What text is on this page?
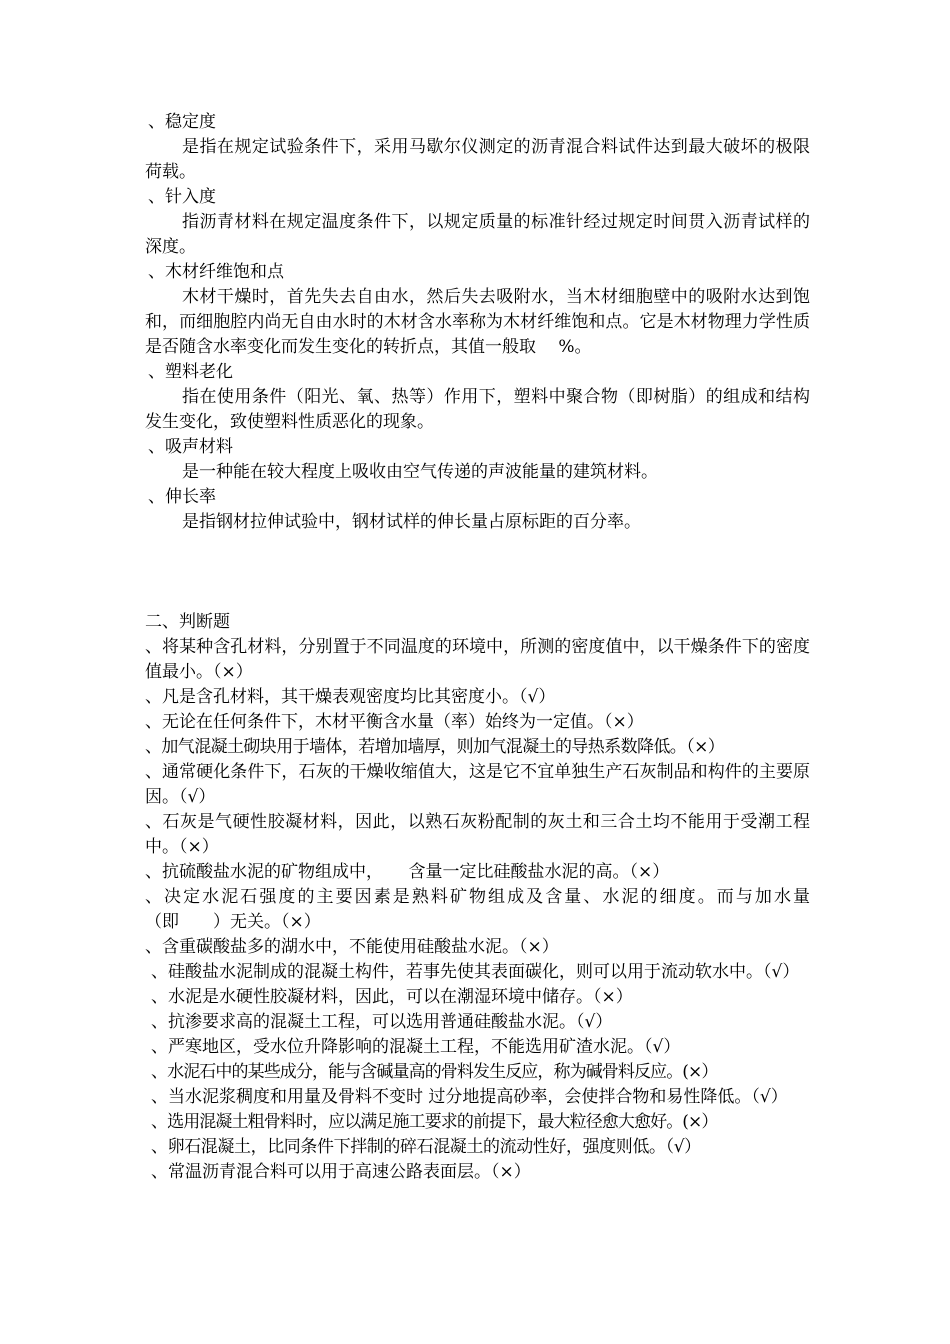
、稳定度
是指在规定试验条件下，采用马歇尔仪测定的沥青混合料试件达到最大破坏的极限荷载。
、针入度
指沥青材料在规定温度条件下，以规定质量的标准针经过规定时间贯入沥青试样的深度。
、木材纤维饱和点
木材干燥时，首先失去自由水，然后失去吸附水，当木材细胞壁中的吸附水达到饱和，而细胞腔内尚无自由水时的木材含水率称为木材纤维饱和点。它是木材物理力学性质是否随含水率变化而发生变化的转折点，其值一般取　 %。
、塑料老化
指在使用条件（阳光、氧、热等）作用下，塑料中聚合物（即树脂）的组成和结构发生变化，致使塑料性质恶化的现象。
、吸声材料
是一种能在较大程度上吸收由空气传递的声波能量的建筑材料。
、伸长率
是指钢材拉伸试验中，钢材试样的伸长量占原标距的百分率。
二、判断题
、将某种含孔材料，分别置于不同温度的环境中，所测的密度值中，以干燥条件下的密度值最小。（×）
、凡是含孔材料，其干燥表观密度均比其密度小。（√）
、无论在任何条件下，木材平衡含水量（率）始终为一定值。（×）
、加气混凝土砌块用于墙体，若增加墙厚，则加气混凝土的导热系数降低。（×）
、通常硬化条件下，石灰的干燥收缩值大，这是它不宜单独生产石灰制品和构件的主要原因。（√）
、石灰是气硬性胶凝材料，因此，以熟石灰粉配制的灰土和三合土均不能用于受潮工程中。（×）
、抗硫酸盐水泥的矿物组成中，　　含量一定比硅酸盐水泥的高。（×）
、决定水泥石强度的主要因素是熟料矿物组成及含量、水泥的细度。而与加水量（即　　）无关。（×）
、含重碳酸盐多的湖水中，不能使用硅酸盐水泥。（×）
、硅酸盐水泥制成的混凝土构件，若事先使其表面碳化，则可以用于流动软水中。（√）
、水泥是水硬性胶凝材料，因此，可以在潮湿环境中储存。（×）
、抗渗要求高的混凝土工程，可以选用普通硅酸盐水泥。（√）
、严寒地区，受水位升降影响的混凝土工程，不能选用矿渣水泥。（√）
、水泥石中的某些成分，能与含碱量高的骨料发生反应，称为碱骨料反应。(×）
、当水泥浆稠度和用量及骨料不变时 过分地提高砂率，会使拌合物和易性降低。（√）
、选用混凝土粗骨料时，应以满足施工要求的前提下，最大粒径愈大愈好。(×）
、卵石混凝土，比同条件下拌制的碎石混凝土的流动性好，强度则低。（√）
、常温沥青混合料可以用于高速公路表面层。（×）
